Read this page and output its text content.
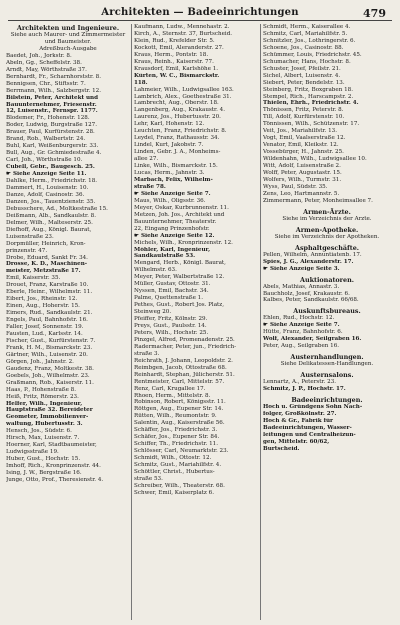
Architekten — Badeeinrichtungen	479
Architekten und Ingenieure.
Siehe auch Maurer- und Zimmermeister
und Baumeister.
Adreßbuch-Ausgabe
Baedet, Joh., Jorkstr. 8.
Abeln, Gg., Scheffelstr. 38.
Arndt, May, Wörthstraße 37.
Bernhardt, Fr., Scharnhorststr. 8.
Bennigsen, Chr., Stiftsstr. 7.
Berrmann, Wilh., Salzbergstr. 12.
Bilstein, Peter, Architekt und
Bauunternehmer, Friesenstr.
12, Luisenstr., Fernspr. 1177.
Blodemer, Fr., Hohenstr. 128.
Boder, Ludwig, Burgstraße 127.
Brauer, Paul, Kurfürstenstr. 28.
Brand, Rob., Walbertstr. 24.
Buhl, Karl, Weißenburgerstr. 33.
Bull, Aug., Gr. Gchmiedestraße 4.
Carl, Joh., Wörthstraße 10.
Cubell, Gebr., Baugesch. 25.
☛ Siehe Anzeige Seite 11.
Dahlke, Herm., Friedrichstr. 18.
Dammert, H., Louisenstr. 10.
Danze, Adolf, Casinostr. 36.
Danzen, Jos., Tauentzienstr. 35.
Debusschere, Ad., Moltkestraße 15.
Deißmann, Alb., Sandkaulstr. 8.
Delmer, Wilh., Malteserstr. 25.
Diefhoff, Aug., Königl. Baurat,
Luisenstraße 23.
Dorpmüller, Heinrich, Kron-
prinzenstr. 47.
Drobe, Eduard, Sankt Fr. 34.
Drosse, K. D., Maschinen-
meister, Metzstraße 17.
Emil, Kaiserstr. 35.
Drouet, Franz, Karstraße 10.
Eberle, Heinr., Wilhelmstr. 11.
Eibert, Jos., Rheinstr. 12.
Einen, Aug., Hoherstr. 15.
Eimers, Rud., Sandkaulstr. 21.
Engels, Paul, Bahnhofstr. 16.
Faller, Josef, Sonnenstr. 19.
Fausten, Lud., Karlsstr. 14.
Fischer, Gust., Kurfürstenstr. 7.
Frank, H. M., Bismarckstr. 23.
Gärtner, Wilh., Luisenstr. 20.
Görgen, Joh., Jahnstr. 2.
Gaudenz, Franz, Moltkestr. 38.
Goebels, Joh., Wilhelmstr. 23.
Graßmann, Rob., Kaiserstr. 11.
Haas, P., Hohenstraße 8.
Heiß, Fritz, Römerstr. 23.
Helfer, Wilh., Ingenieur,
Hauptstraße 32. Bereideter
Geometer, Immobilienver-
waltung, Hubertusstr. 3.
Hensch, Jos., Südstr. 6.
Hirsch, Max, Luisenstr. 7.
Hoerner, Karl, Stadtbaumeister,
Ludwigsstraße 19.
Huber, Gust., Hochstr. 15.
Imhoff, Rich., Kronprinzenstr. 44.
Ising, J. W., Bergstraße 16.
Junge, Otto, Prof., Theresienstr. 4.
Kaufmann, Ludw., Mennehastr. 2.
Kirch, A., Sternstr. 37, Burtscheid.
Klein, Rud., Krefelder Str. 5.
Kockott, Emil, Aleranderstr. 27.
Kraus, Herm., Pontstr. 18.
Kraus, Reinh., Kaiserstr. 77.
Krausdorf, Emil, Karlshöhe 1.
Kürten, W. C., Bismarckstr.
118.
Lahmeier, Wilh., Ludwigsallee 163.
Lambrich, Alex., Goethestraße 31.
Lambrecht, Aug., Oberstr. 18.
Langenberg, Aug., Krakaustr. 4.
Laurenz, Jos., Hubertusstr. 20.
Lehr, Karl, Hohenstr. 12.
Leuchten, Franz, Friedrichstr. 8.
Leydel, Franz, Rathausstr. 34.
Lindel, Kurt, Jakobstr. 7.
Linden, Gebr. J. A., Monheims-
allee 27.
Linke, Wilh., Bismarckstr. 15.
Lucas, Herm., Jahnstr. 3.
Marbach, Felix, Wilhelm-
straße 78.
☛ Siehe Anzeige Seite 7.
Maus, Wilh., Oligsstr. 36.
Meyer, Oskar, Kurbrunnenstr. 11.
Metzen, Joh. Jos., Architekt und
Bauunternehmer, Theaterstr.
22, Eingang Prinzenhofstr.
☛ Siehe Anzeige Seite 12.
Michels, Wilh., Kronprinzenstr. 12.
Möhler, Karl, Ingenieur,
Sandkaulstraße 53.
Mengard, Herb., Königl. Baurat,
Wilhelmstr. 63.
Meyer, Peter, Walbertstraße 12.
Müller, Gustav, Ottostr. 31.
Nyssen, Emil, Bachstr. 34.
Palme, Quettenstraße 1.
Pethes, Gust., Robert Jos. Platz,
Steinweg 20.
Pfeiffer, Fritz, Kölnstr. 29.
Preys, Gust., Paulsstr. 14.
Peters, Wilh., Hochstr. 25.
Pinzgel, Alfred, Promenadenstr. 25.
Radermacher, Peter, jun., Friedrich-
straße 3.
Reichrath, J. Johann, Leopoldstr. 2.
Reimbgen, Jacob, Ottostraße 68.
Reinhardt, Stephan, Jülicherstr. 51.
Rentmeister, Carl, Mittelstr. 57.
Renz, Carl, Krugallee 17.
Rhoen, Herm., Mittelstr. 8.
Robinson, Robert, Königsstr. 11.
Röttgen, Aug., Eupener Str. 14.
Rütten, Wilh., Reumontstr. 9.
Salentin, Aug., Kaiserstraße 56.
Schäffer, Jos., Friedrichstr. 3.
Schäfer, Jos., Eupener Str. 84.
Schiffer, Th., Friedrichstr. 11.
Schlösser, Carl, Neumarktstr. 23.
Schmidt, Wilh., Ottostr. 12.
Schmitz, Gust., Mariahilfstr. 4.
Schöttler, Christ., Hubertus-
straße 53.
Schreiber, Wilh., Theaterstr. 68.
Schwer, Emil, Kaiserplatz 6.
Schmidt, Herm., Kaiserallee 4.
Schmitz, Carl, Mariahilfstr. 5.
Schnitzler, Jos., Lothringerstr. 6.
Schoene, Jos., Casinostr. 88.
Schümmer, Louis, Friedrichstr. 45.
Schumacher, Hans, Hochstr. 8.
Schuster, Josef, Pfeilstr. 21.
Sichel, Albert, Luisenstr. 4.
Siebert, Peter, Bendelstr. 13.
Steinberg, Fritz, Boxgraben 18.
Stempel, Rich., Harscampstr. 2.
Thielen, Ehrh., Friedrichstr. 4.
Thönissen, Fritz, Peterstr. 8.
Till, Adolf, Kurfürstenstr. 10.
Tönnissen, Wilh., Schützenstr. 17.
Veit, Jos., Mariahilfstr. 13.
Vogt, Emil, Vaalserstraße 12.
Venator, Emil, Kleikstr. 12.
Vossebürger, H., Jahnstr. 25.
Wildenhahn, Wilh., Ludwigsallee 10.
Witt, Adolf, Luisenstraße 2.
Wolff, Peter, Augustastr. 15.
Wolfers, Wilh., Turmstr. 31.
Wyss, Paul, Südstr. 35.
Zens, Leo, Hartmannstr. 5.
Zimmermann, Peter, Monheimsallee 7.
Armen-Ärzte.
Siehe im Verzeichnis der Ärzte.
Armen-Apotheke.
Siehe im Verzeichnis der Apotheken.
Asphaltgeschäfte.
Pellen, Wilhelm, Annuntiatenb. 17.
Spies, J. G., Alexanderstr. 17.
☛ Siehe Anzeige Seite 3.
Auktionatoren.
Abels, Mathias, Annastr. 3.
Bauchholz, Josef, Krakaustr. 6.
Kalbes, Peter, Sandkaulstr. 66/68.
Auskunftsbureaus.
Ehlen, Rud., Hochstr. 12.
☛ Siehe Anzeige Seite 7.
Hütte, Franz, Bahnhofstr. 6.
Wolf, Alexander, Seilgraben 16.
Peter, Aug., Seilgraben 16.
Austernhandlungen.
Siehe Delikatessen-Handlungen.
Austernsalons.
Lennartz, A., Peterstr. 23.
Schmitz, J. P., Hochstr. 17.
Badeeinrichtungen.
Hoch u. Gründgens Sohn Nach-
folger, Großkölnstr. 27.
Hoch & Gr., Fabrik für
Badeeinrichtungen, Wasser-
leitungen und Centralheizun-
gen, Mittelstr. 60/62,
Burtscheid.
